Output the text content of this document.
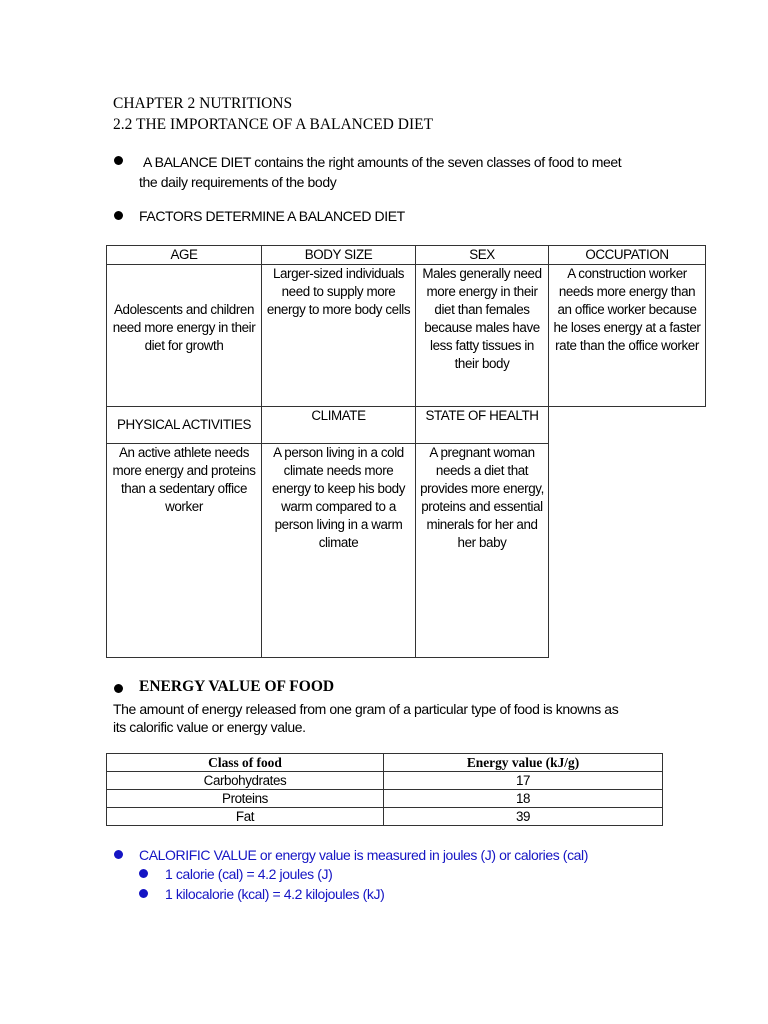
CHAPTER 2 NUTRITIONS
2.2 THE IMPORTANCE OF A BALANCED DIET
A BALANCE DIET contains the right amounts of the seven classes of food to meet
the daily requirements of the body
FACTORS DETERMINE A BALANCED DIET
AGE	BODY SIZE	SEX	OCCUPATION

Adolescents and children need more energy in their diet for growth	Larger-sized individuals need to supply more energy to more body cells	Males generally need more energy in their diet than females because males have less fatty tissues in their body	A construction worker needs more energy than an office worker because he loses energy at a faster rate than the office worker
PHYSICAL ACTIVITIES	CLIMATE	STATE OF HEALTH	
An active athlete needs more energy and proteins than a sedentary office worker	A person living in a cold climate needs more energy to keep his body warm compared to a person living in a warm climate	A pregnant woman needs a diet that provides more energy, proteins and essential minerals for her and her baby	
ENERGY VALUE OF FOOD
The amount of energy released from one gram of a particular type of food is knowns as
its calorific value or energy value.
Class of food	Energy value (kJ/g)
Carbohydrates	17
Proteins	18
Fat	39
CALORIFIC VALUE or energy value is measured in joules (J) or calories (cal)
1 calorie (cal) = 4.2 joules (J)
1 kilocalorie (kcal) = 4.2 kilojoules (kJ)
